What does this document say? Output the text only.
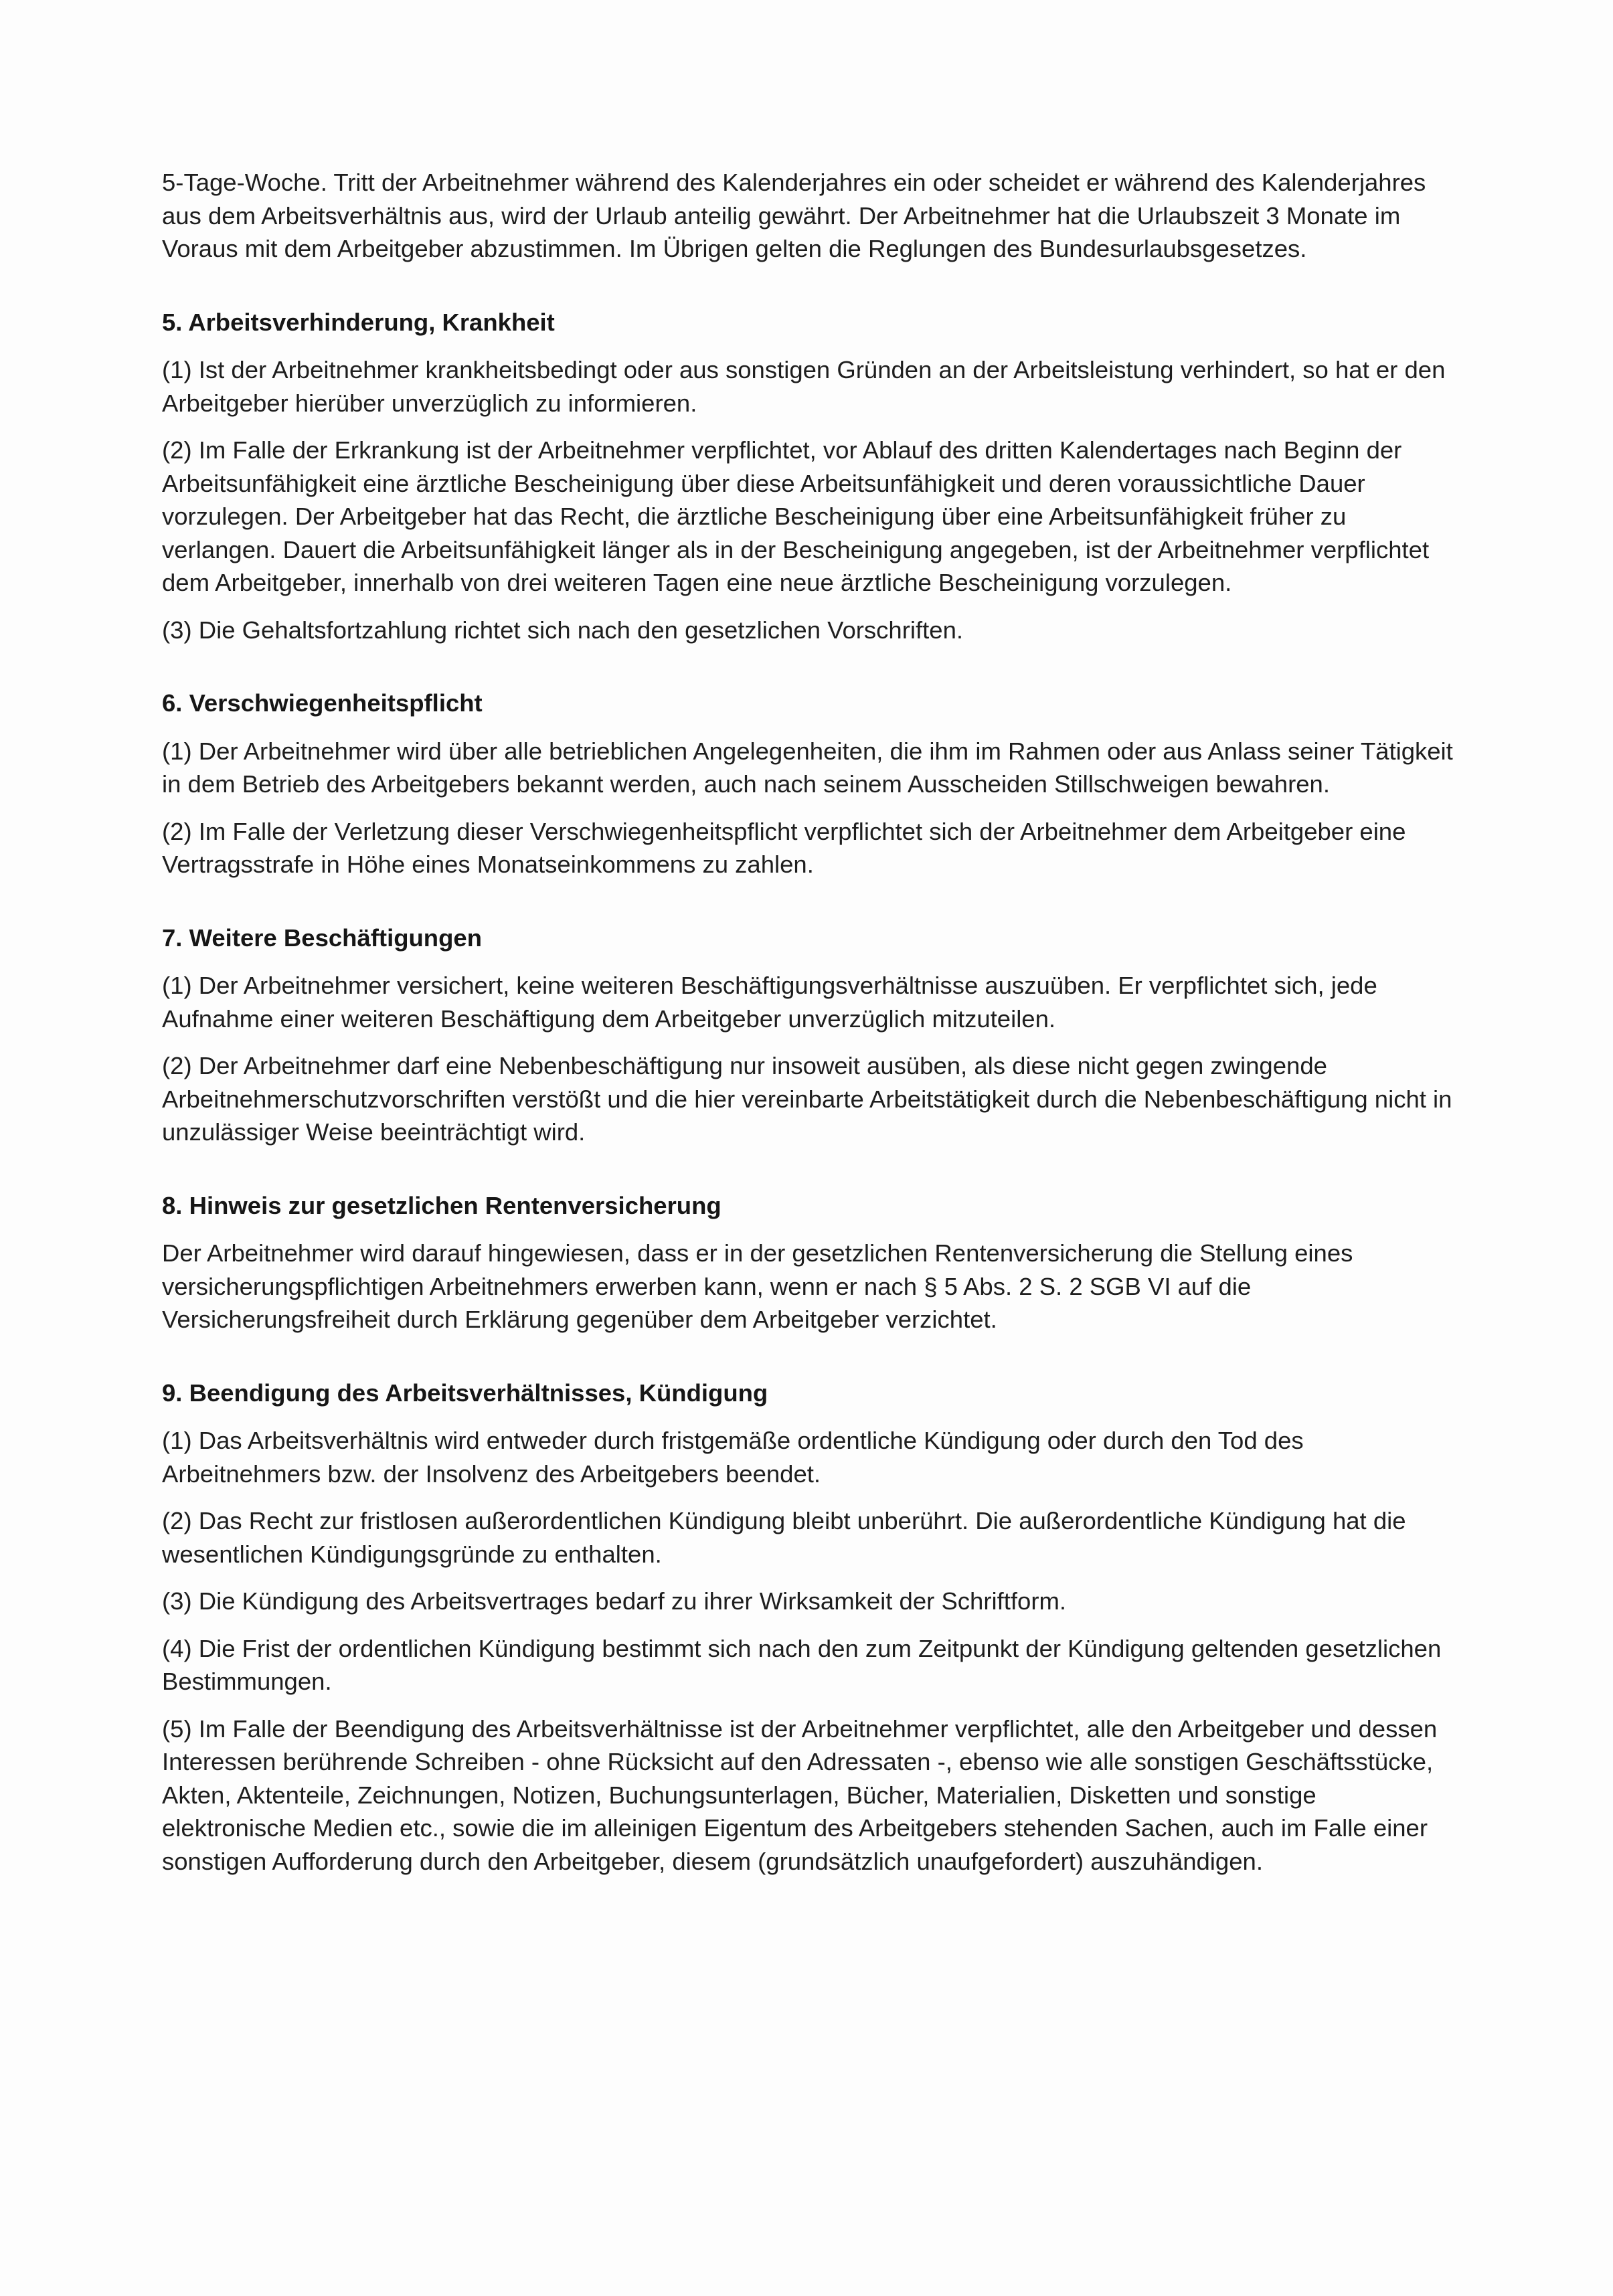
5-Tage-Woche. Tritt der Arbeitnehmer während des Kalenderjahres ein oder scheidet er während des Kalenderjahres aus dem Arbeitsverhältnis aus, wird der Urlaub anteilig gewährt. Der Arbeitnehmer hat die Urlaubszeit 3 Monate im Voraus mit dem Arbeitgeber abzustimmen. Im Übrigen gelten die Reglungen des Bundesurlaubsgesetzes.

5. Arbeitsverhinderung, Krankheit

(1) Ist der Arbeitnehmer krankheitsbedingt oder aus sonstigen Gründen an der Arbeitsleistung verhindert, so hat er den Arbeitgeber hierüber unverzüglich zu informieren.

(2) Im Falle der Erkrankung ist der Arbeitnehmer verpflichtet, vor Ablauf des dritten Kalendertages nach Beginn der Arbeitsunfähigkeit eine ärztliche Bescheinigung über diese Arbeitsunfähigkeit und deren voraussichtliche Dauer vorzulegen. Der Arbeitgeber hat das Recht, die ärztliche Bescheinigung über eine Arbeitsunfähigkeit früher zu verlangen. Dauert die Arbeitsunfähigkeit länger als in der Bescheinigung angegeben, ist der Arbeitnehmer verpflichtet dem Arbeitgeber, innerhalb von drei weiteren Tagen eine neue ärztliche Bescheinigung vorzulegen.

(3) Die Gehaltsfortzahlung richtet sich nach den gesetzlichen Vorschriften.

6. Verschwiegenheitspflicht

(1) Der Arbeitnehmer wird über alle betrieblichen Angelegenheiten, die ihm im Rahmen oder aus Anlass seiner Tätigkeit in dem Betrieb des Arbeitgebers bekannt werden, auch nach seinem Ausscheiden Stillschweigen bewahren.

(2) Im Falle der Verletzung dieser Verschwiegenheitspflicht verpflichtet sich der Arbeitnehmer dem Arbeitgeber eine Vertragsstrafe in Höhe eines Monatseinkommens zu zahlen.

7. Weitere Beschäftigungen

(1) Der Arbeitnehmer versichert, keine weiteren Beschäftigungsverhältnisse auszuüben. Er verpflichtet sich, jede Aufnahme einer weiteren Beschäftigung dem Arbeitgeber unverzüglich mitzuteilen.

(2) Der Arbeitnehmer darf eine Nebenbeschäftigung nur insoweit ausüben, als diese nicht gegen zwingende Arbeitnehmerschutzvorschriften verstößt und die hier vereinbarte Arbeitstätigkeit durch die Nebenbeschäftigung nicht in unzulässiger Weise beeinträchtigt wird.

8. Hinweis zur gesetzlichen Rentenversicherung

Der Arbeitnehmer wird darauf hingewiesen, dass er in der gesetzlichen Rentenversicherung die Stellung eines versicherungspflichtigen Arbeitnehmers erwerben kann, wenn er nach § 5 Abs. 2 S. 2 SGB VI auf die Versicherungsfreiheit durch Erklärung gegenüber dem Arbeitgeber verzichtet.

9. Beendigung des Arbeitsverhältnisses, Kündigung

(1) Das Arbeitsverhältnis wird entweder durch fristgemäße ordentliche Kündigung oder durch den Tod des Arbeitnehmers bzw. der Insolvenz des Arbeitgebers beendet.

(2) Das Recht zur fristlosen außerordentlichen Kündigung bleibt unberührt. Die außerordentliche Kündigung hat die wesentlichen Kündigungsgründe zu enthalten.

(3) Die Kündigung des Arbeitsvertrages bedarf zu ihrer Wirksamkeit der Schriftform.

(4) Die Frist der ordentlichen Kündigung bestimmt sich nach den zum Zeitpunkt der Kündigung geltenden gesetzlichen Bestimmungen.

(5) Im Falle der Beendigung des Arbeitsverhältnisse ist der Arbeitnehmer verpflichtet, alle den Arbeitgeber und dessen Interessen berührende Schreiben - ohne Rücksicht auf den Adressaten -, ebenso wie alle sonstigen Geschäftsstücke, Akten, Aktenteile, Zeichnungen, Notizen, Buchungsunterlagen, Bücher, Materialien, Disketten und sonstige elektronische Medien etc., sowie die im alleinigen Eigentum des Arbeitgebers stehenden Sachen, auch im Falle einer sonstigen Aufforderung durch den Arbeitgeber, diesem (grundsätzlich unaufgefordert) auszuhändigen.
